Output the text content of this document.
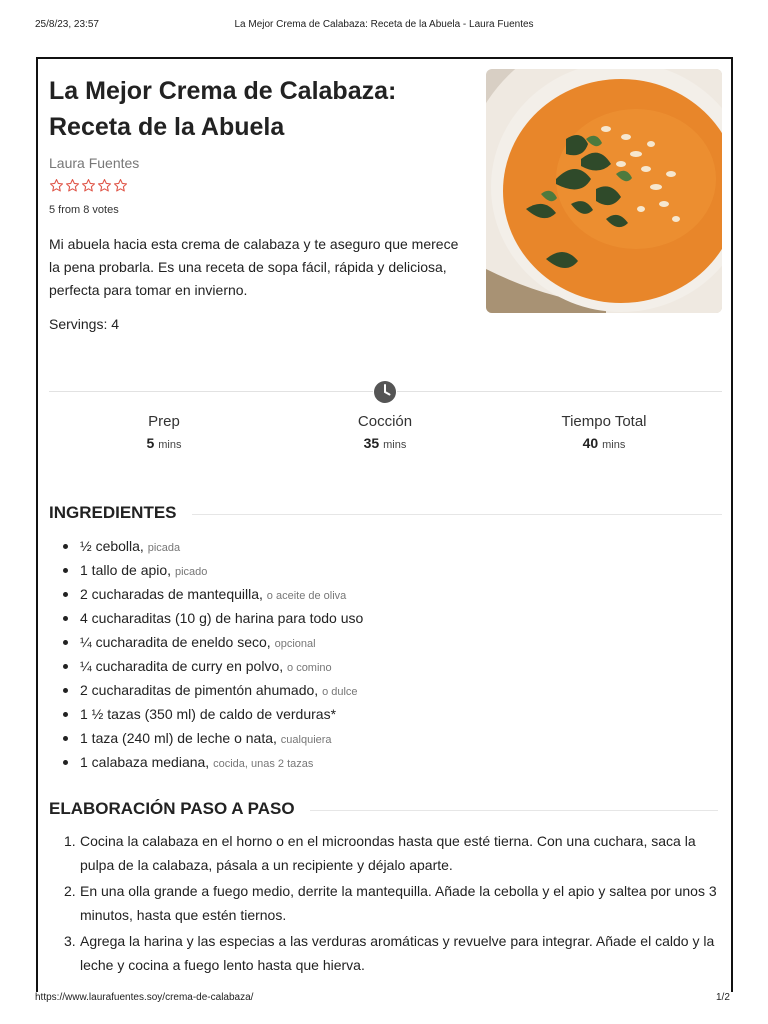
25/8/23, 23:57	La Mejor Crema de Calabaza: Receta de la Abuela - Laura Fuentes
La Mejor Crema de Calabaza: Receta de la Abuela
Laura Fuentes
5 from 8 votes

Mi abuela hacia esta crema de calabaza y te aseguro que merece la pena probarla. Es una receta de sopa fácil, rápida y deliciosa, perfecta para tomar en invierno.

Servings: 4
Prep
5 mins
Cocción
35 mins
Tiempo Total
40 mins
INGREDIENTES
½ cebolla, picada
1 tallo de apio, picado
2 cucharadas de mantequilla, o aceite de oliva
4 cucharaditas (10 g) de harina para todo uso
¼ cucharadita de eneldo seco, opcional
¼ cucharadita de curry en polvo, o comino
2 cucharaditas de pimentón ahumado, o dulce
1 ½ tazas (350 ml) de caldo de verduras*
1 taza (240 ml) de leche o nata, cualquiera
1 calabaza mediana, cocida, unas 2 tazas
ELABORACIÓN PASO A PASO
1. Cocina la calabaza en el horno o en el microondas hasta que esté tierna. Con una cuchara, saca la pulpa de la calabaza, pásala a un recipiente y déjalo aparte.
2. En una olla grande a fuego medio, derrite la mantequilla. Añade la cebolla y el apio y saltea por unos 3 minutos, hasta que estén tiernos.
3. Agrega la harina y las especias a las verduras aromáticas y revuelve para integrar. Añade el caldo y la leche y cocina a fuego lento hasta que hierva.
https://www.laurafuentes.soy/crema-de-calabaza/	1/2
